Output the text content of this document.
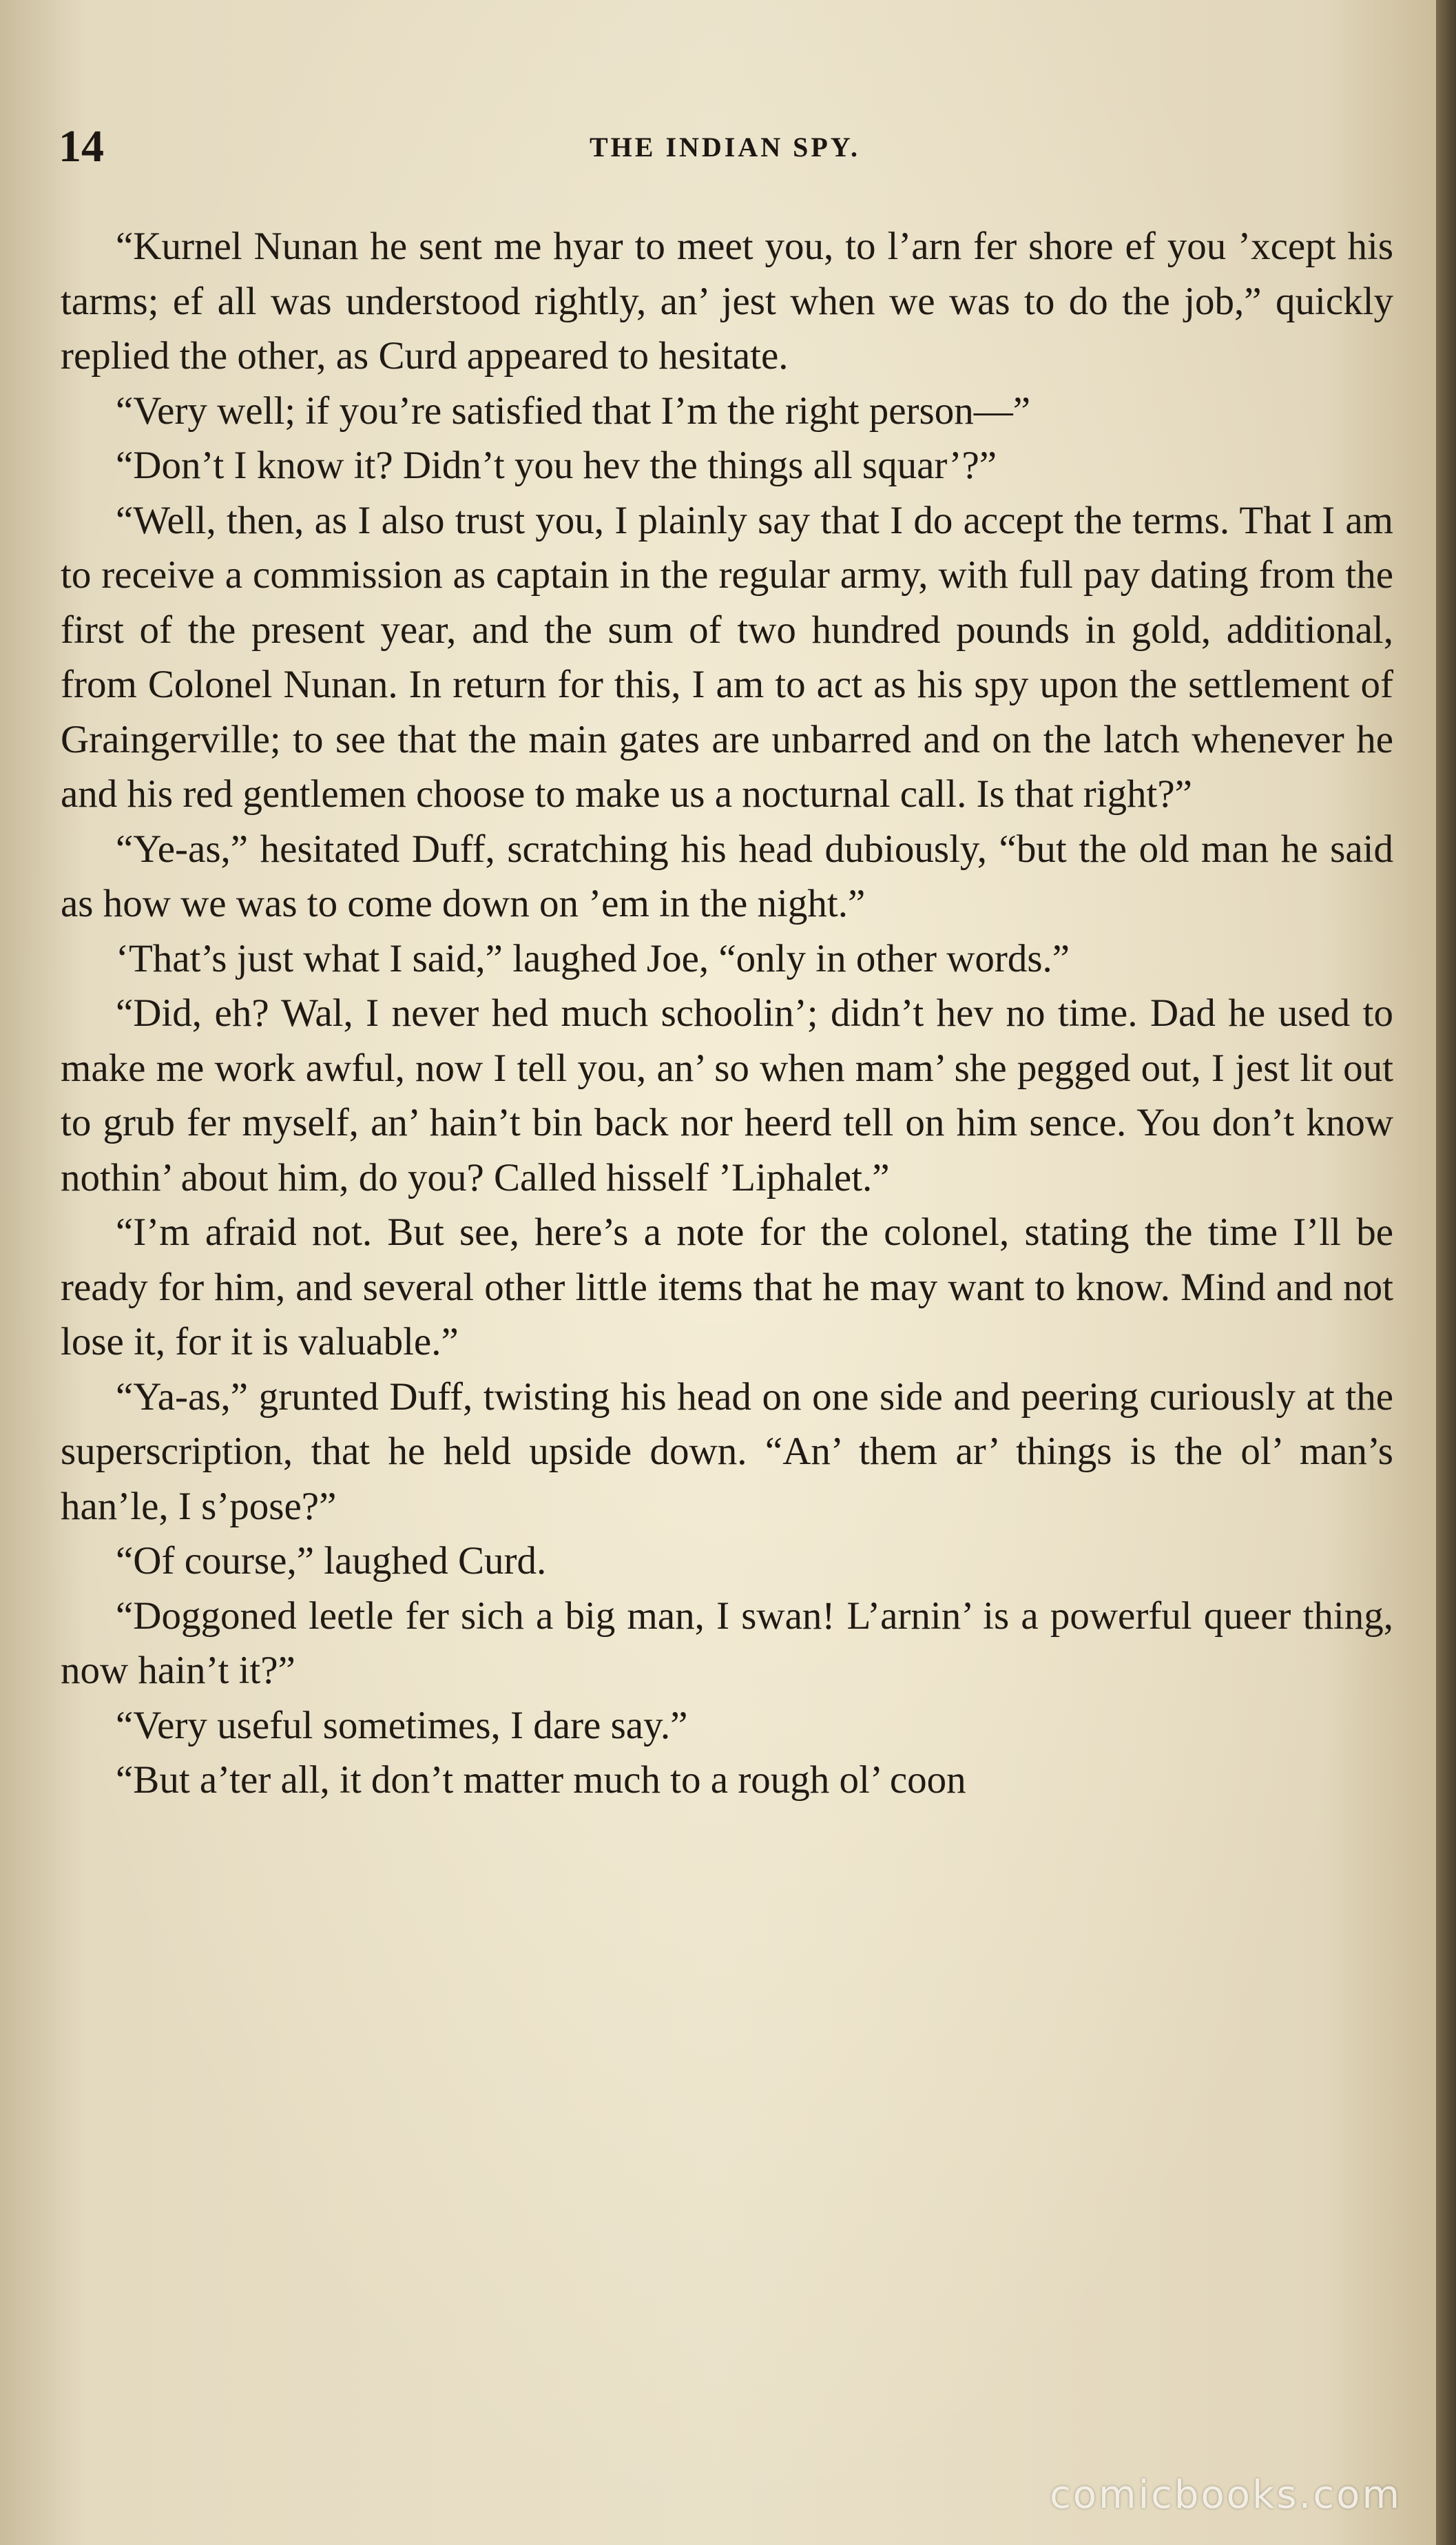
14	THE INDIAN SPY.

“Kurnel Nunan he sent me hyar to meet you, to l’arn fer shore ef you ’xcept his tarms; ef all was understood rightly, an’ jest when we was to do the job,” quickly replied the other, as Curd appeared to hesitate.

“Very well; if you’re satisfied that I’m the right person—”

“Don’t I know it? Didn’t you hev the things all squar’?”

“Well, then, as I also trust you, I plainly say that I do accept the terms. That I am to receive a commission as captain in the regular army, with full pay dating from the first of the present year, and the sum of two hundred pounds in gold, additional, from Colonel Nunan. In return for this, I am to act as his spy upon the settlement of Graingerville; to see that the main gates are unbarred and on the latch whenever he and his red gentlemen choose to make us a nocturnal call. Is that right?”

“Ye-as,” hesitated Duff, scratching his head dubiously, “but the old man he said as how we was to come down on ’em in the night.”

‘That’s just what I said,” laughed Joe, “only in other words.”

“Did, eh? Wal, I never hed much schoolin’; didn’t hev no time. Dad he used to make me work awful, now I tell you, an’ so when mam’ she pegged out, I jest lit out to grub fer myself, an’ hain’t bin back nor heerd tell on him sence. You don’t know nothin’ about him, do you? Called hisself ’Liphalet.”

“I’m afraid not. But see, here’s a note for the colonel, stating the time I’ll be ready for him, and several other little items that he may want to know. Mind and not lose it, for it is valuable.”

“Ya-as,” grunted Duff, twisting his head on one side and peering curiously at the superscription, that he held upside down. “An’ them ar’ things is the ol’ man’s han’le, I s’pose?”

“Of course,” laughed Curd.

“Doggoned leetle fer sich a big man, I swan! L’arnin’ is a powerful queer thing, now hain’t it?”

“Very useful sometimes, I dare say.”

“But a’ter all, it don’t matter much to a rough ol’ coon

comicbooks.com
